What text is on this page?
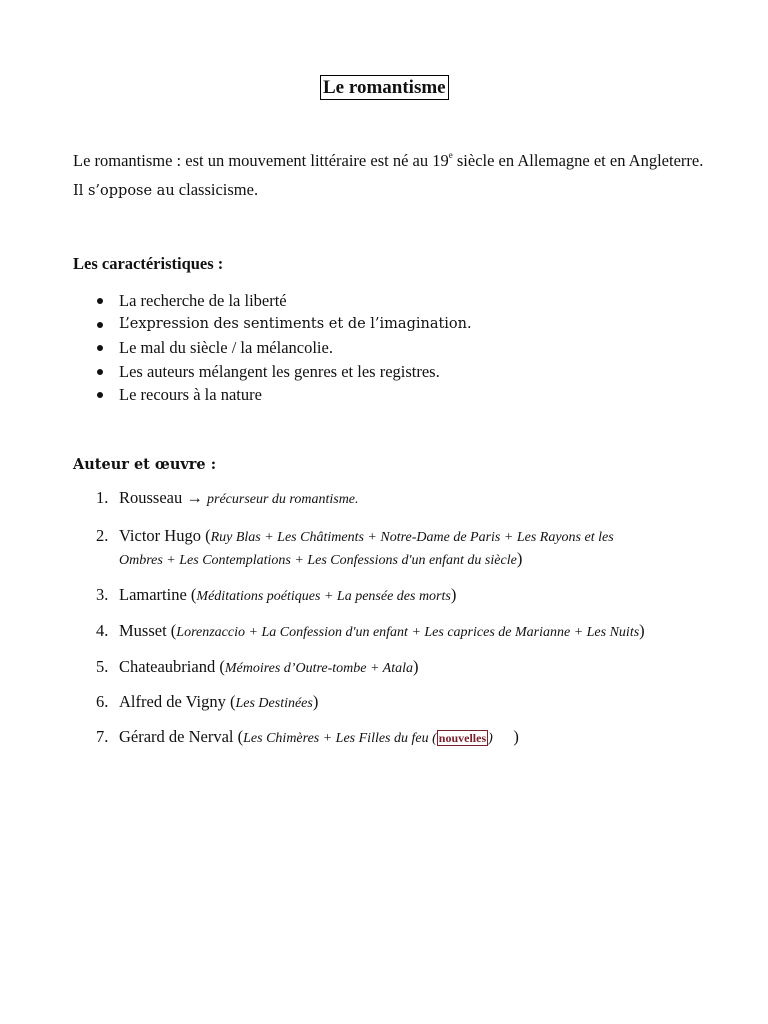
Le romantisme
Le romantisme : est un mouvement littéraire est né au 19e siècle en Allemagne et en Angleterre. Il s’oppose au classicisme.
Les caractéristiques :
La recherche de la liberté
L’expression des sentiments et de l’imagination.
Le mal du siècle / la mélancolie.
Les auteurs mélangent les genres et les registres.
Le recours à la nature
Auteur et œuvre :
1. Rousseau → précurseur du romantisme.
2. Victor Hugo (Ruy Blas + Les Châtiments + Notre-Dame de Paris + Les Rayons et les
Ombres + Les Contemplations + Les Confessions d'un enfant du siècle)
3. Lamartine (Méditations poétiques + La pensée des morts)
4. Musset (Lorenzaccio + La Confession d'un enfant + Les caprices de Marianne + Les Nuits)
5. Chateaubriand (Mémoires d’Outre-tombe + Atala)
6. Alfred de Vigny (Les Destinées)
7. Gérard de Nerval (Les Chimères + Les Filles du feu ( nouvelles )     )
